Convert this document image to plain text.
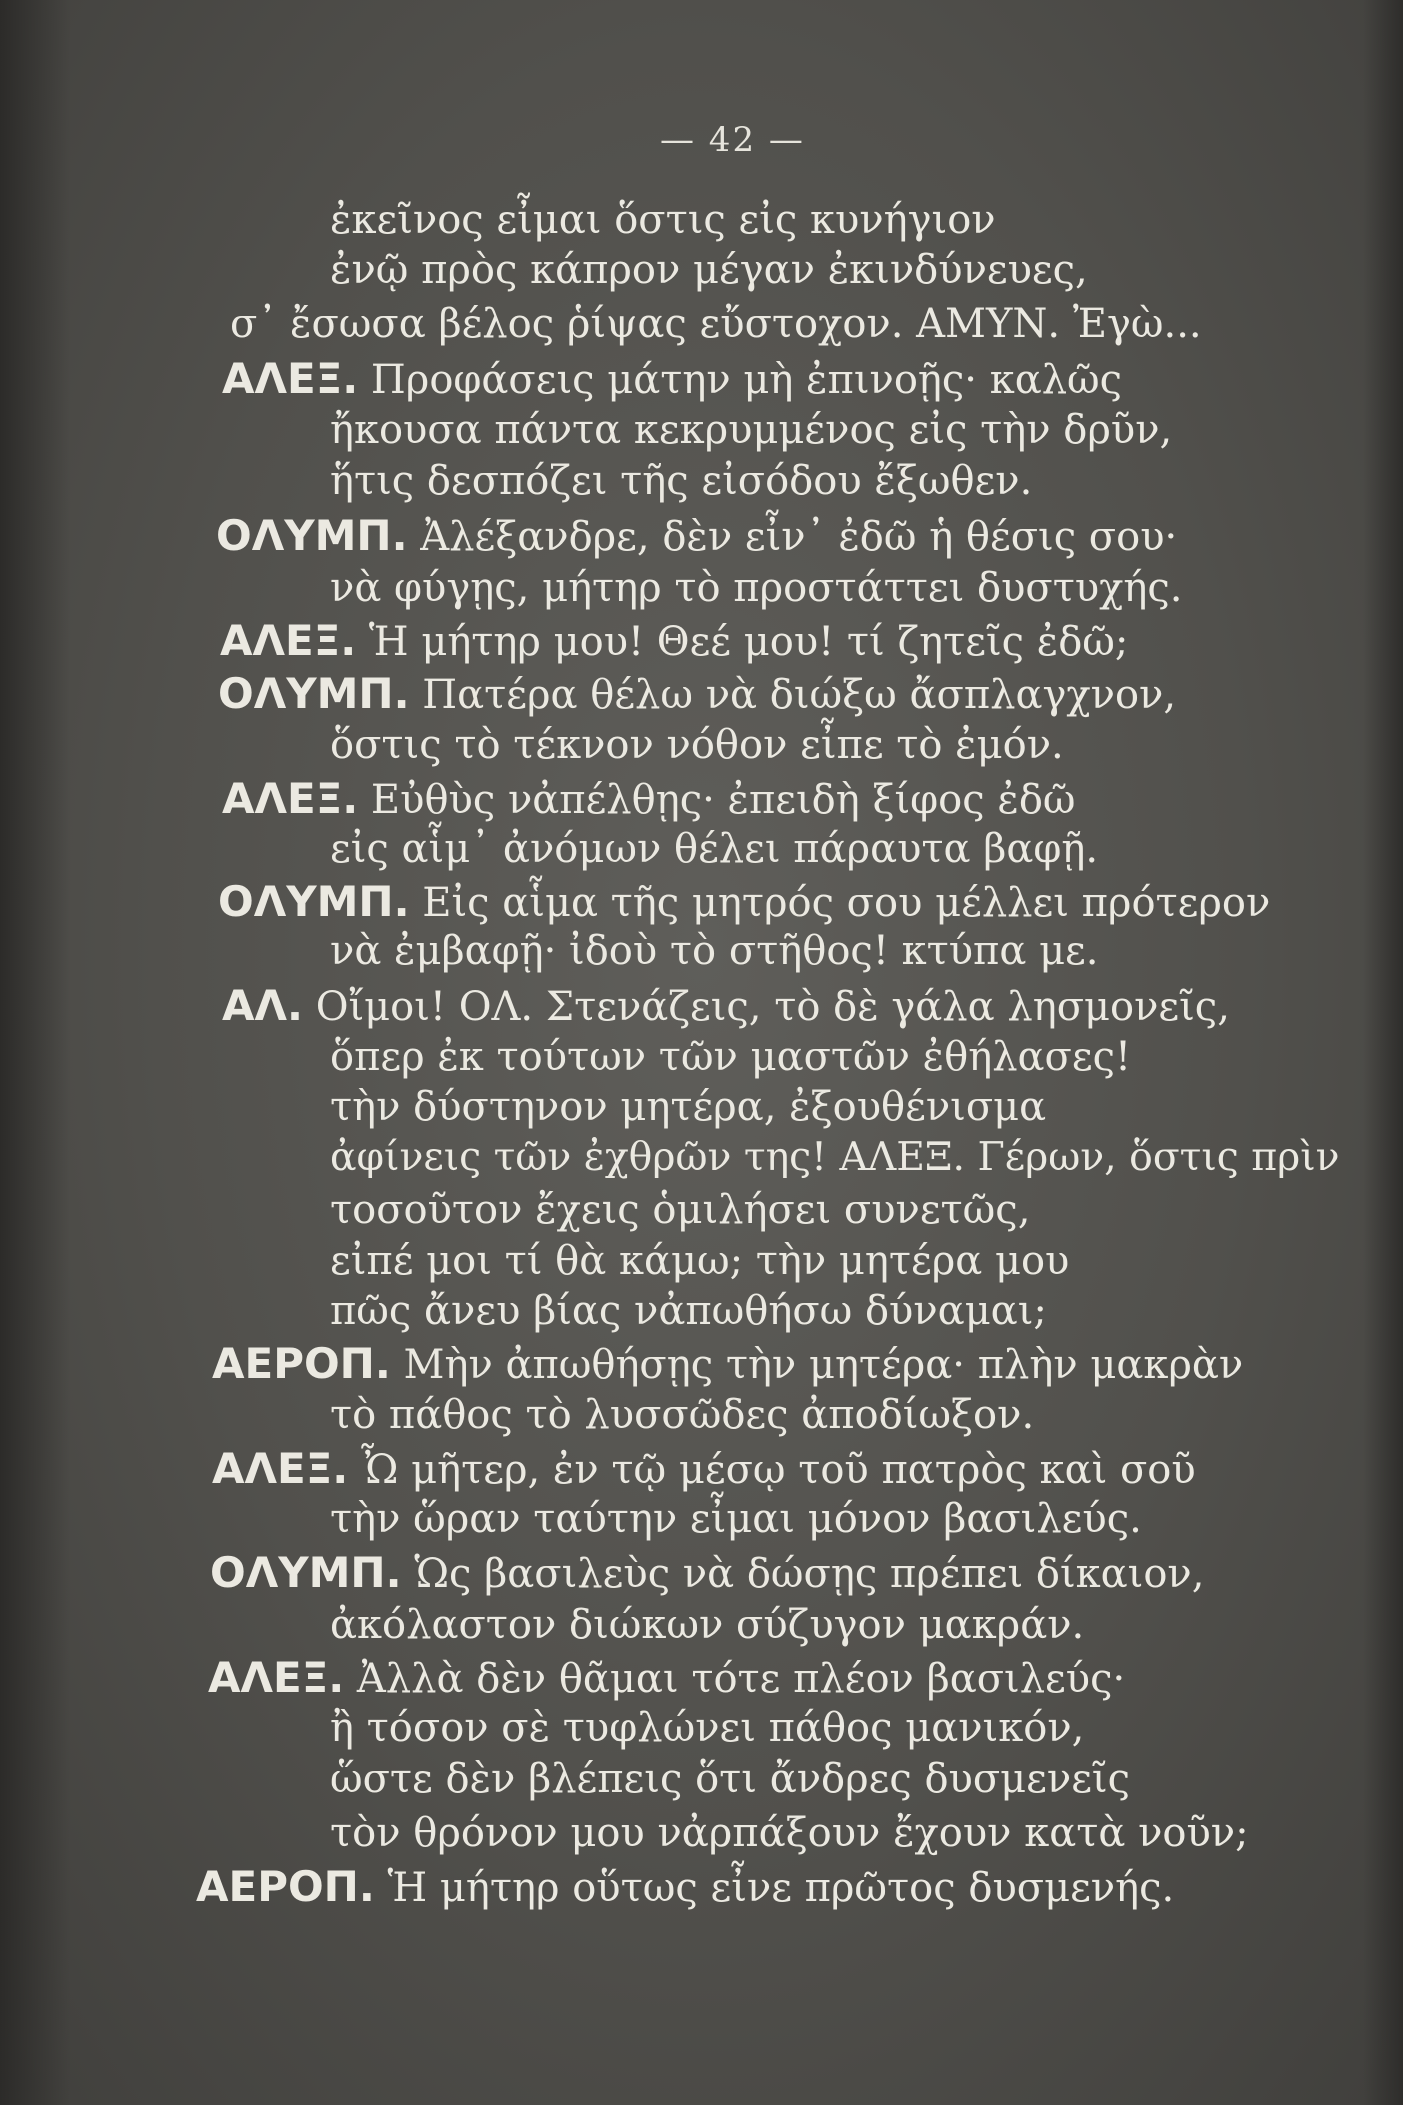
— 42 —
ἐκεῖνος εἶμαι ὅστις εἰς κυνήγιον
ἐνῷ πρὸς κάπρον μέγαν ἐκινδύνευες,
σ᾽ ἔσωσα βέλος ῥίψας εὔστοχον. ΑΜΥΝ. Ἐγὼ...
ΑΛΕΞ. Προφάσεις μάτην μὴ ἐπινοῇς· καλῶς
ἤκουσα πάντα κεκρυμμένος εἰς τὴν δρῦν,
ἥτις δεσπόζει τῆς εἰσόδου ἔξωθεν.
ΟΛΥΜΠ. Ἀλέξανδρε, δὲν εἶν᾽ ἐδῶ ἡ θέσις σου·
νὰ φύγῃς, μήτηρ τὸ προστάττει δυστυχής.
ΑΛΕΞ. Ἡ μήτηρ μου! Θεέ μου! τί ζητεῖς ἐδῶ;
ΟΛΥΜΠ. Πατέρα θέλω νὰ διώξω ἄσπλαγχνον,
ὅστις τὸ τέκνον νόθον εἶπε τὸ ἐμόν.
ΑΛΕΞ. Εὐθὺς νἀπέλθῃς· ἐπειδὴ ξίφος ἐδῶ
εἰς αἷμ᾽ ἀνόμων θέλει πάραυτα βαφῇ.
ΟΛΥΜΠ. Εἰς αἷμα τῆς μητρός σου μέλλει πρότερον
νὰ ἐμβαφῇ· ἰδοὺ τὸ στῆθος! κτύπα με.
ΑΛ. Οἴμοι! ΟΛ. Στενάζεις, τὸ δὲ γάλα λησμονεῖς,
ὅπερ ἐκ τούτων τῶν μαστῶν ἐθήλασες!
τὴν δύστηνον μητέρα, ἐξουθένισμα
ἀφίνεις τῶν ἐχθρῶν της! ΑΛΕΞ. Γέρων, ὅστις πρὶν
τοσοῦτον ἔχεις ὁμιλήσει συνετῶς,
εἰπέ μοι τί θὰ κάμω; τὴν μητέρα μου
πῶς ἄνευ βίας νἀπωθήσω δύναμαι;
ΑΕΡΟΠ. Μὴν ἀπωθήσῃς τὴν μητέρα· πλὴν μακρὰν
τὸ πάθος τὸ λυσσῶδες ἀποδίωξον.
ΑΛΕΞ. Ὦ μῆτερ, ἐν τῷ μέσῳ τοῦ πατρὸς καὶ σοῦ
τὴν ὥραν ταύτην εἶμαι μόνον βασιλεύς.
ΟΛΥΜΠ. Ὡς βασιλεὺς νὰ δώσῃς πρέπει δίκαιον,
ἀκόλαστον διώκων σύζυγον μακράν.
ΑΛΕΞ. Ἀλλὰ δὲν θᾶμαι τότε πλέον βασιλεύς·
ἢ τόσον σὲ τυφλώνει πάθος μανικόν,
ὥστε δὲν βλέπεις ὅτι ἄνδρες δυσμενεῖς
τὸν θρόνον μου νἀρπάξουν ἔχουν κατὰ νοῦν;
ΑΕΡΟΠ. Ἡ μήτηρ οὕτως εἶνε πρῶτος δυσμενής.
